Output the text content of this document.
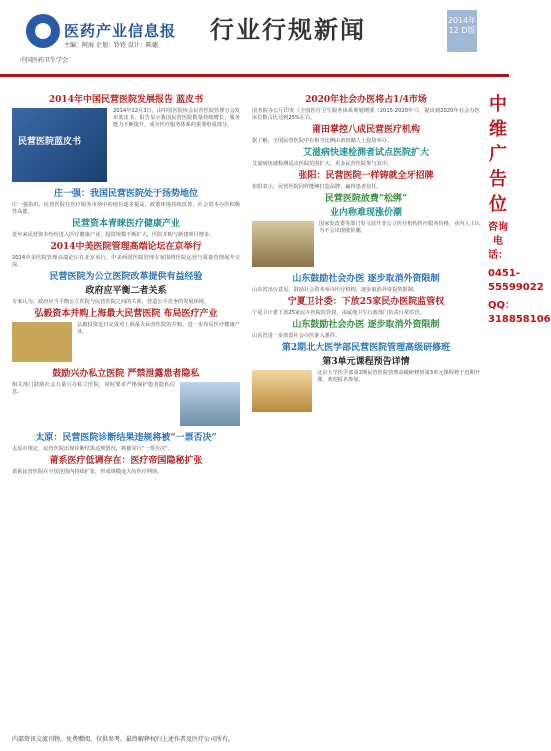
医药产业信息报
主编：阿海 企划：铃铃 设计：陈德
中国医药卫生学会
行业行规新闻	2014年12 D版
2014年中国民营医院发展报告 蓝皮书
民营医院蓝皮书
2014年12月3日，由中国医院协会民营医院管理分会发布蓝皮书，报告显示我国民营医院数量持续增长，服务能力不断提升，成为医疗服务体系的重要组成部分。
庄一强：我国民营医院处于扬势地位
庄一强指出，民营医院在医疗服务市场中的地位逐步提高，政策环境持续改善，社会资本办医积极性高涨。
民营资本青睐医疗健康产业
近年来民营资本纷纷进入医疗健康产业，投资规模不断扩大，医院并购与新建项目增多。
2014中美医院管理高端论坛在京举行
2014中美医院管理高端论坛在北京举行，中美两国医院管理专家围绕医院运营与质量管理展开交流。
民营医院为公立医院改革提供有益经验
政府应平衡二者关系
专家认为，政府应当平衡公立医院与民营医院之间的关系，营造公平竞争的发展环境。
弘毅资本并购上海最大民营医院 布局医疗产业
弘毅投资近日完成对上海最大民营医院的并购，进一步布局医疗健康产业。
鼓励兴办私立医院 严禁泄露患者隐私
相关部门鼓励社会力量兴办私立医院，同时要求严格保护患者隐私信息。
太原：民营医院诊断结果违规将被“一票否决”
太原市规定，民营医院出现诊断结果违规情况，将被实行“一票否决”。
莆系医疗低调存在：医疗帝国隐秘扩张
莆系民营医院在全国范围内持续扩张，形成规模庞大的医疗网络。
2020年社会办医将占1/4市场
国务院办公厅印发《全国医疗卫生服务体系规划纲要（2015-2020年）》，提出到2020年社会办医床位数占比达到25%左右。
莆田掌控八成民营医疗机构
据了解，全国民营医院中有相当比例由莆田籍人士投资举办。
艾滋病快速检测者试点医院扩大
艾滋病快速检测试点医院范围扩大，更多民营医院参与其中。
张阳：民营医院一样铸就全牙招牌
张阳表示，民营医院同样能够打造品牌，赢得患者信任。
民营医院放费“松绑”
业内称难现涨价潮
国家发改委等部门发文放开非公立医疗机构医疗服务价格，业内人士认为不会出现涨价潮。
山东鼓励社会办医 逐步取消外资限制
山东省出台意见，鼓励社会资本举办医疗机构，逐步取消外资投资限制。
宁夏卫计委：下放25家民办医院监管权
宁夏卫计委下放25家民办医院监管权，由属地卫生行政部门负责日常监管。
山东鼓励社会办医 逐步取消外资限制
山东省进一步放宽社会办医准入条件。
第2期北大医学部民营医院管理高级研修班
第3单元课程预告详情
北京大学医学部第2期民营医院管理高级研修班第3单元课程将于近期开课，欢迎报名参加。
中维广告位
咨询电话：
0451-55599022
QQ：318858106
内部资讯交流刊物，免费赠阅，仅供参考。最终解释权归上述作者及医疗公司所有。
